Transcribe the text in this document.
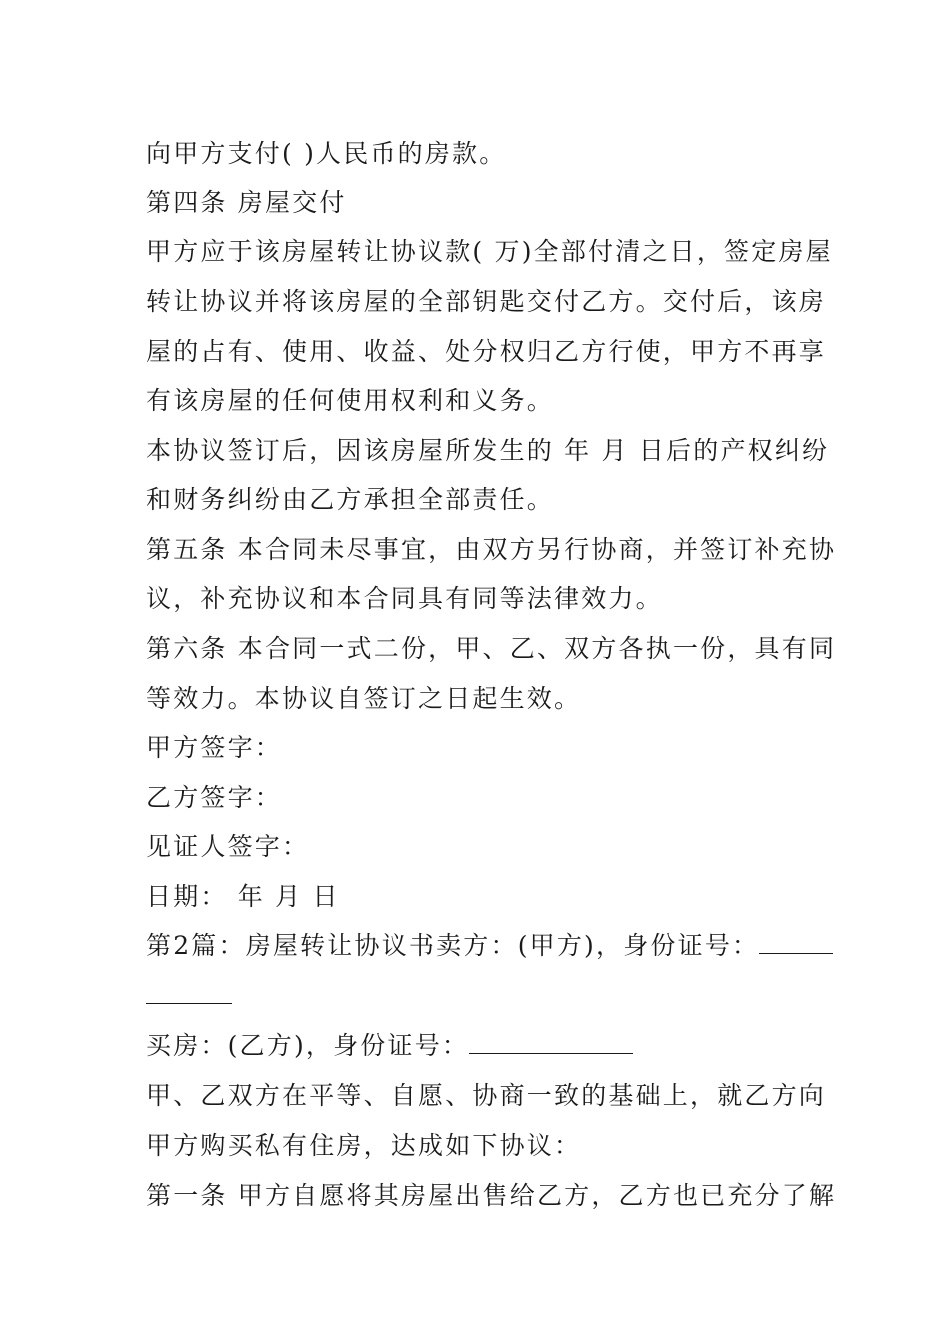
向甲方支付( )人民币的房款。
第四条 房屋交付
甲方应于该房屋转让协议款( 万)全部付清之日，签定房屋
转让协议并将该房屋的全部钥匙交付乙方。交付后，该房
屋的占有、使用、收益、处分权归乙方行使，甲方不再享
有该房屋的任何使用权利和义务。
本协议签订后，因该房屋所发生的 年 月 日后的产权纠纷
和财务纠纷由乙方承担全部责任。
第五条 本合同未尽事宜，由双方另行协商，并签订补充协
议，补充协议和本合同具有同等法律效力。
第六条 本合同一式二份，甲、乙、双方各执一份，具有同
等效力。本协议自签订之日起生效。
甲方签字：
乙方签字：
见证人签字：
日期： 年 月 日
第2篇：房屋转让协议书卖方：(甲方)，身份证号：
买房：(乙方)，身份证号：
甲、乙双方在平等、自愿、协商一致的基础上，就乙方向
甲方购买私有住房，达成如下协议：
第一条 甲方自愿将其房屋出售给乙方，乙方也已充分了解
